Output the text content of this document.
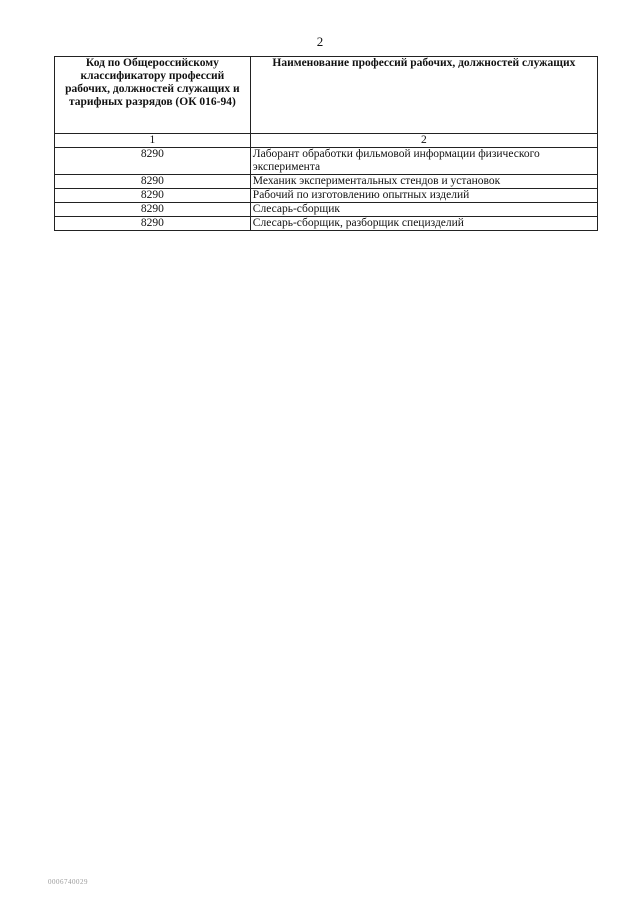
2
Код по Общероссийскому классификатору профессий рабочих, должностей служащих и тарифных разрядов (ОК 016-94)	Наименование профессий рабочих, должностей служащих
1	2
8290	Лаборант обработки фильмовой информации физического эксперимента
8290	Механик экспериментальных стендов и установок
8290	Рабочий по изготовлению опытных изделий
8290	Слесарь-сборщик
8290	Слесарь-сборщик, разборщик специзделий
0006740029
